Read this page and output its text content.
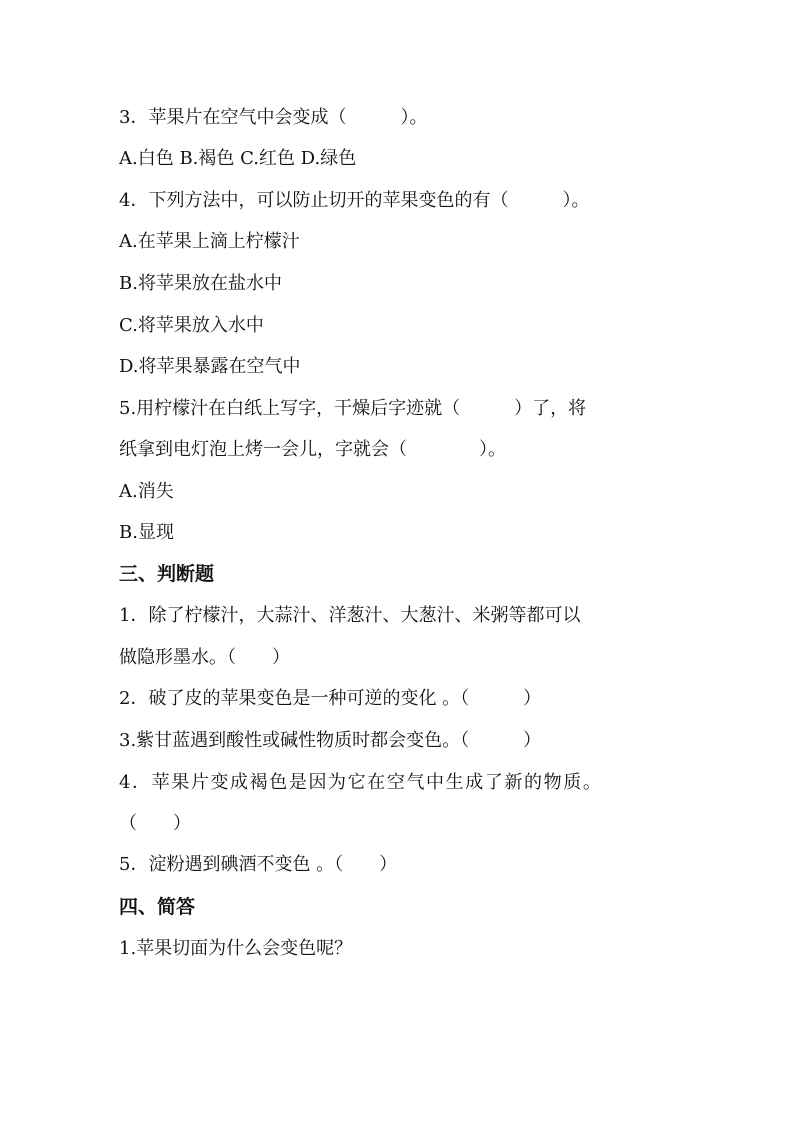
3．苹果片在空气中会变成（　　　）。
A.白色 B.褐色 C.红色 D.绿色
4．下列方法中，可以防止切开的苹果变色的有（　　　）。
A.在苹果上滴上柠檬汁
B.将苹果放在盐水中
C.将苹果放入水中
D.将苹果暴露在空气中
5.用柠檬汁在白纸上写字，干燥后字迹就（　　　）了，将
纸拿到电灯泡上烤一会儿，字就会（　　　　）。
A.消失
B.显现
三、判断题
1．除了柠檬汁，大蒜汁、洋葱汁、大葱汁、米粥等都可以
做隐形墨水。（　　）
2．破了皮的苹果变色是一种可逆的变化 。（　　　）
3.紫甘蓝遇到酸性或碱性物质时都会变色。（　　　）
4．苹果片变成褐色是因为它在空气中生成了新的物质。
（　　）
5．淀粉遇到碘酒不变色 。（　　）
四、简答
1.苹果切面为什么会变色呢？
